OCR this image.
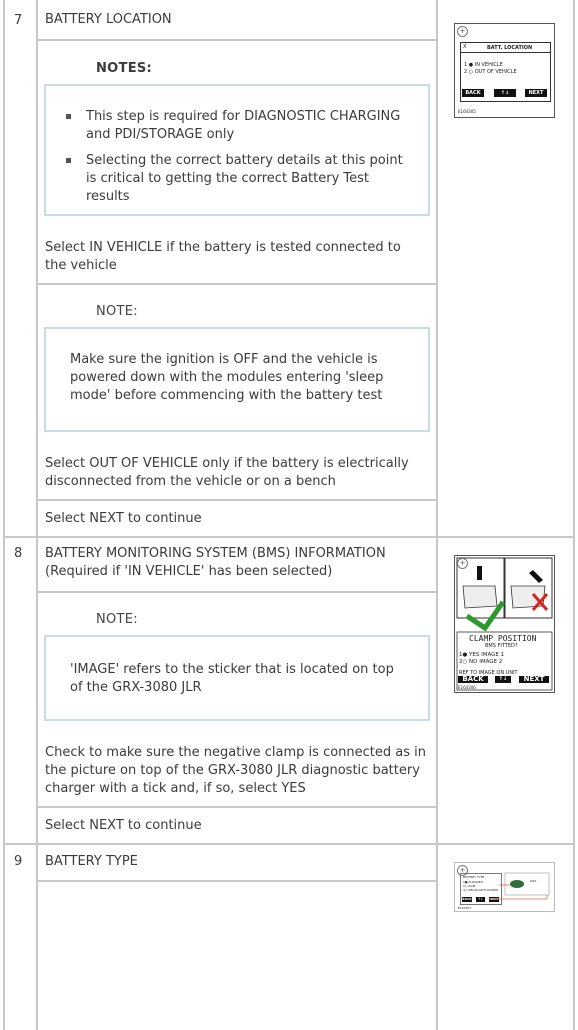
7 BATTERY LOCATION
NOTES:
This step is required for DIAGNOSTIC CHARGING and PDI/STORAGE only
Selecting the correct battery details at this point is critical to getting the correct Battery Test results
Select IN VEHICLE if the battery is tested connected to the vehicle
NOTE:
Make sure the ignition is OFF and the vehicle is powered down with the modules entering 'sleep mode' before commencing with the battery test
Select OUT OF VEHICLE only if the battery is electrically disconnected from the vehicle or on a bench
Select NEXT to continue
+
X	BATT. LOCATION
1 ● IN VEHICLE
2 ○ OUT OF VEHICLE
BACK	↑↓	NEXT
E164305
8 BATTERY MONITORING SYSTEM (BMS) INFORMATION (Required if 'IN VEHICLE' has been selected)
NOTE:
'IMAGE' refers to the sticker that is located on top of the GRX-3080 JLR
Check to make sure the negative clamp is connected as in the picture on top of the GRX-3080 JLR diagnostic battery charger with a tick and, if so, select YES
Select NEXT to continue
+
CLAMP POSITION
BMS FITTED?
1● YES IMAGE 1
2○ NO IMAGE 2
REF TO IMAGE ON UNIT
BACK	↑↓	NEXT
E164306
9 BATTERY TYPE
+
BATTERY TYPE
1● FLOODED
2○ AGM
3○ REGULAR FLOODED
BACK	↑↓	NEXT
GRX
E164307
